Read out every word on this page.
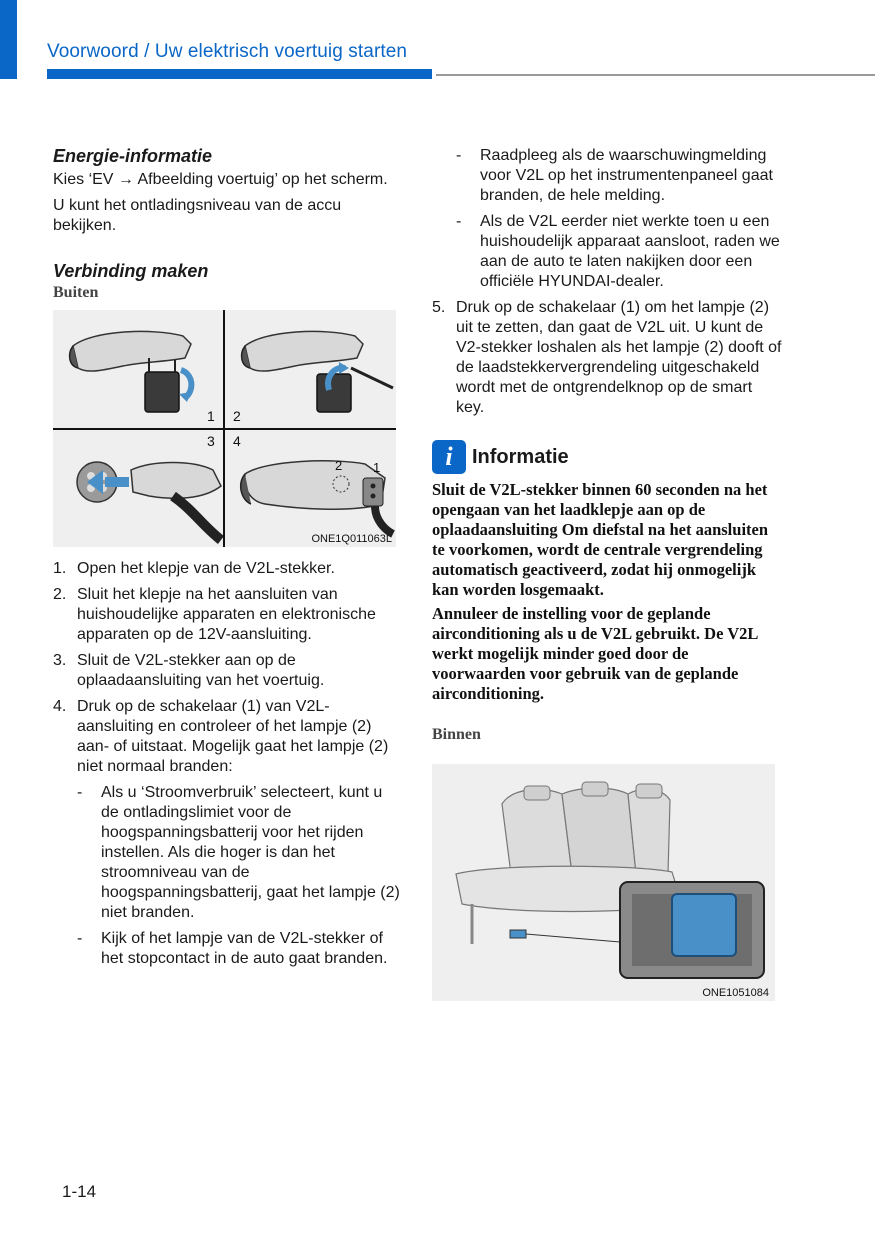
Voorwoord / Uw elektrisch voertuig starten
Energie-informatie
Kies ‘EV → Afbeelding voertuig’ op het scherm.
U kunt het ontladingsniveau van de accu bekijken.
Verbinding maken
Buiten
2 1
1 2
3 4
ONE1Q011063L
1. Open het klepje van de V2L-stekker.
2. Sluit het klepje na het aansluiten van huishoudelijke apparaten en elektronische apparaten op de 12V-aansluiting.
3. Sluit de V2L-stekker aan op de oplaadaansluiting van het voertuig.
4. Druk op de schakelaar (1) van V2L-aansluiting en controleer of het lampje (2) aan- of uitstaat. Mogelijk gaat het lampje (2) niet normaal branden:
-	Als u ‘Stroomverbruik’ selecteert, kunt u de ontladingslimiet voor de hoogspanningsbatterij voor het rijden instellen. Als die hoger is dan het stroomniveau van de hoogspanningsbatterij, gaat het lampje (2) niet branden.
-	Kijk of het lampje van de V2L-stekker of het stopcontact in de auto gaat branden.
-	Raadpleeg als de waarschuwingmelding voor V2L op het instrumentenpaneel gaat branden, de hele melding.
-	Als de V2L eerder niet werkte toen u een huishoudelijk apparaat aansloot, raden we aan de auto te laten nakijken door een officiële HYUNDAI-dealer.
5. Druk op de schakelaar (1) om het lampje (2) uit te zetten, dan gaat de V2L uit. U kunt de V2-stekker loshalen als het lampje (2) dooft of de laadstekkervergrendeling uitgeschakeld wordt met de ontgrendelknop op de smart key.
i Informatie
Sluit de V2L-stekker binnen 60 seconden na het opengaan van het laadklepje aan op de oplaadaansluiting Om diefstal na het aansluiten te voorkomen, wordt de centrale vergrendeling automatisch geactiveerd, zodat hij onmogelijk kan worden losgemaakt.
Annuleer de instelling voor de geplande airconditioning als u de V2L gebruikt. De V2L werkt mogelijk minder goed door de voorwaarden voor gebruik van de geplande airconditioning.
Binnen
ONE1051084
1-14
